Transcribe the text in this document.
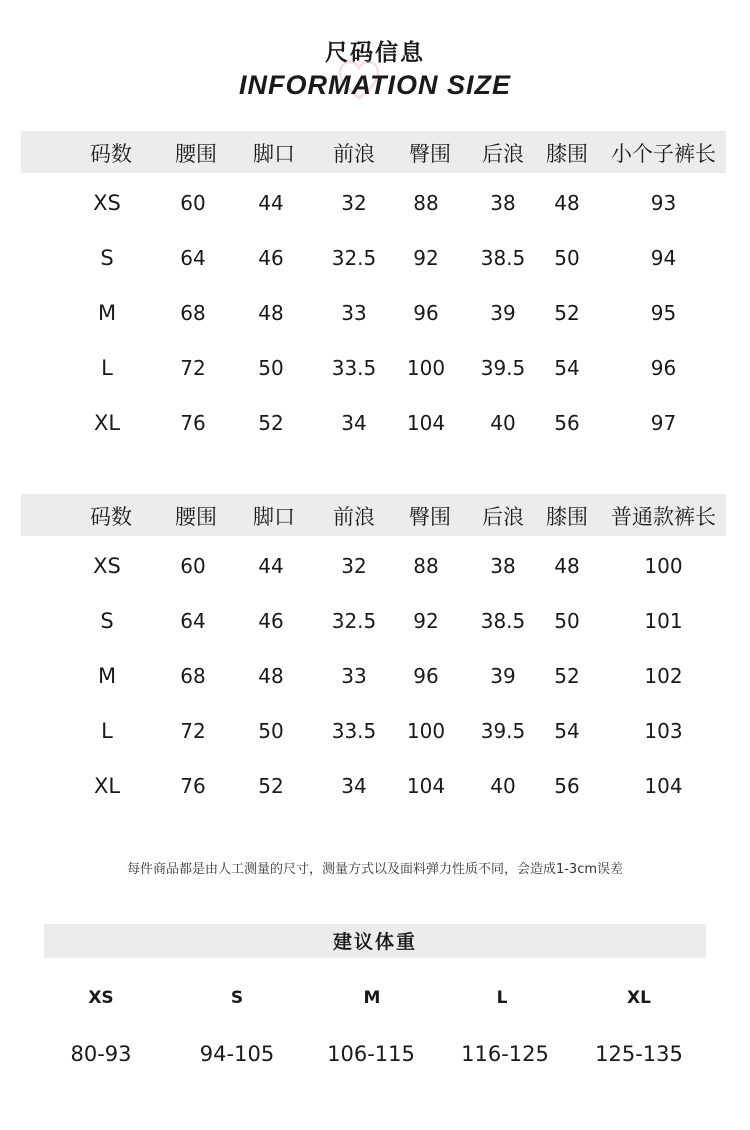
尺码信息
INFORMATION SIZE
码数	腰围	脚口	前浪	臀围	后浪	膝围	小个子裤长
XS	60	44	32	88	38	48	93
S	64	46	32.5	92	38.5	50	94
M	68	48	33	96	39	52	95
L	72	50	33.5	100	39.5	54	96
XL	76	52	34	104	40	56	97
码数	腰围	脚口	前浪	臀围	后浪	膝围	普通款裤长
XS	60	44	32	88	38	48	100
S	64	46	32.5	92	38.5	50	101
M	68	48	33	96	39	52	102
L	72	50	33.5	100	39.5	54	103
XL	76	52	34	104	40	56	104
每件商品都是由人工测量的尺寸，测量方式以及面料弹力性质不同，会造成1-3cm误差
建议体重
XS	S	M	L	XL
80-93	94-105	106-115	116-125	125-135
